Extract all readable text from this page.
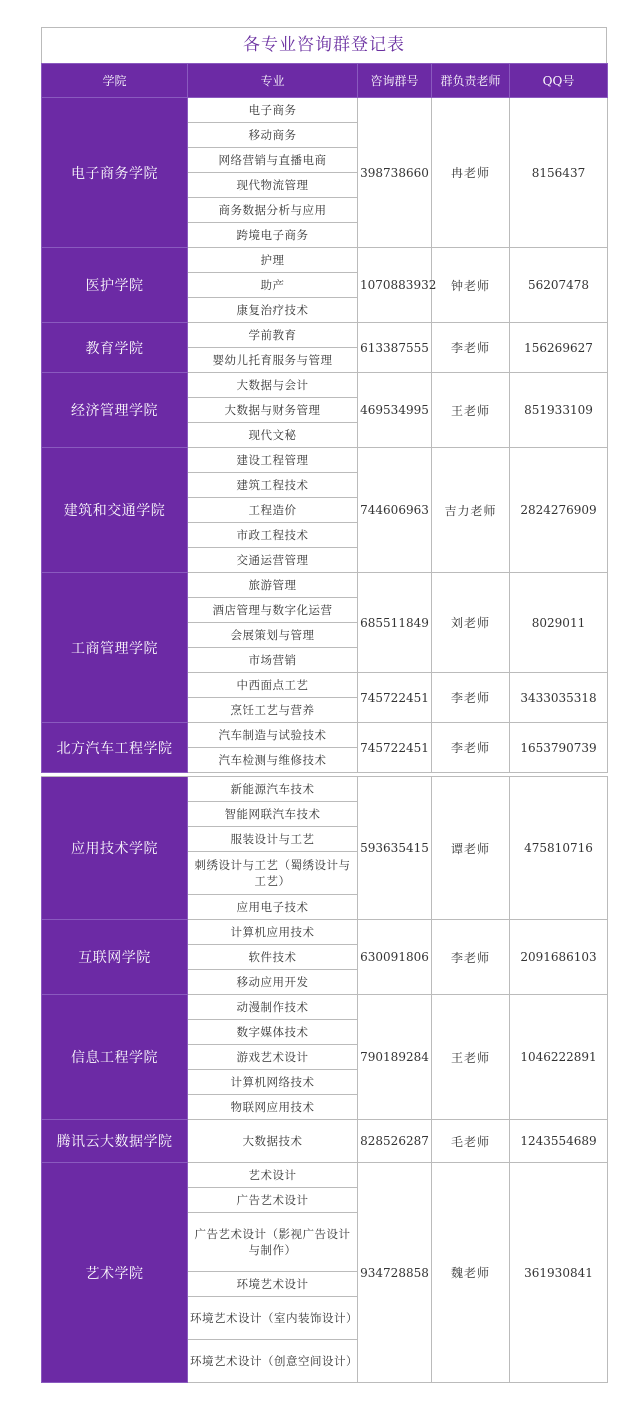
各专业咨询群登记表
学院	专业	咨询群号	群负责老师	QQ号
电子商务学院	电子商务	398738660	冉老师	8156437
	移动商务			
	网络营销与直播电商			
	现代物流管理			
	商务数据分析与应用			
	跨境电子商务			
医护学院	护理	1070883932	钟老师	56207478
	助产			
	康复治疗技术			
教育学院	学前教育	613387555	李老师	156269627
	婴幼儿托育服务与管理			
经济管理学院	大数据与会计	469534995	王老师	851933109
	大数据与财务管理			
	现代文秘			
建筑和交通学院	建设工程管理	744606963	吉力老师	2824276909
	建筑工程技术			
	工程造价			
	市政工程技术			
	交通运营管理			
工商管理学院	旅游管理	685511849	刘老师	8029011
	酒店管理与数字化运营			
	会展策划与管理			
	市场营销			
	中西面点工艺	745722451	李老师	3433035318
	烹饪工艺与营养			
北方汽车工程学院	汽车制造与试验技术	745722451	李老师	1653790739
	汽车检测与维修技术			

应用技术学院	新能源汽车技术	593635415	谭老师	475810716
	智能网联汽车技术			
	服装设计与工艺			
	刺绣设计与工艺（蜀绣设计与工艺）			
	应用电子技术			
互联网学院	计算机应用技术	630091806	李老师	2091686103
	软件技术			
	移动应用开发			
信息工程学院	动漫制作技术	790189284	王老师	1046222891
	数字媒体技术			
	游戏艺术设计			
	计算机网络技术			
	物联网应用技术			
腾讯云大数据学院	大数据技术	828526287	毛老师	1243554689
艺术学院	艺术设计	934728858	魏老师	361930841
	广告艺术设计			
	广告艺术设计（影视广告设计与制作）			
	环境艺术设计			
	环境艺术设计（室内装饰设计）			
	环境艺术设计（创意空间设计）			
